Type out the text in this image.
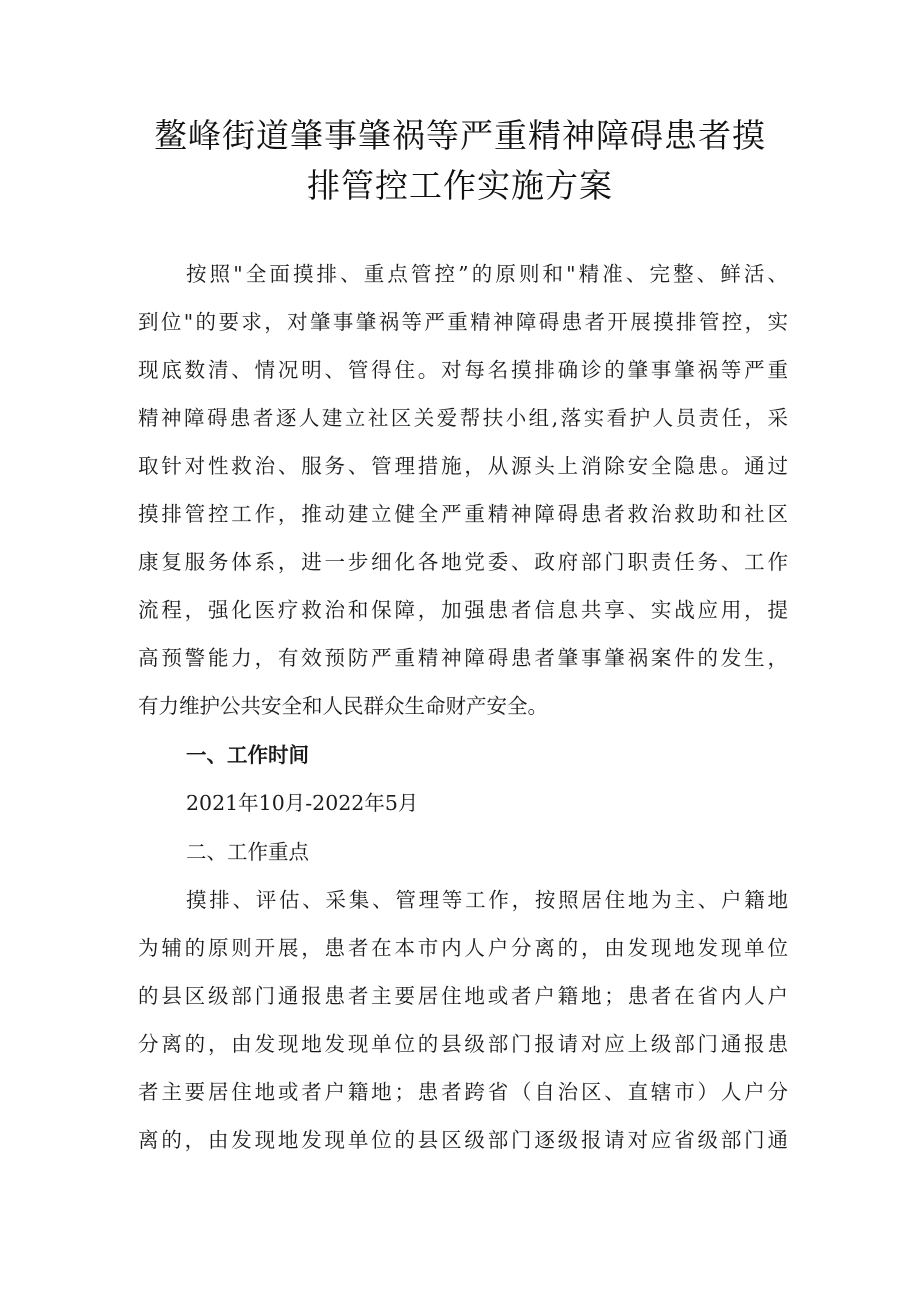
鳌峰街道肇事肇祸等严重精神障碍患者摸
排管控工作实施方案

按照"全面摸排、重点管控”的原则和"精准、完整、鲜活、

到位"的要求，对肇事肇祸等严重精神障碍患者开展摸排管控，实

现底数清、情况明、管得住。对每名摸排确诊的肇事肇祸等严重

精神障碍患者逐人建立社区关爱帮扶小组,落实看护人员责任，采

取针对性救治、服务、管理措施，从源头上消除安全隐患。通过

摸排管控工作，推动建立健全严重精神障碍患者救治救助和社区

康复服务体系，进一步细化各地党委、政府部门职责任务、工作

流程，强化医疗救治和保障，加强患者信息共享、实战应用，提

高预警能力，有效预防严重精神障碍患者肇事肇祸案件的发生，

有力维护公共安全和人民群众生命财产安全。

一、工作时间

2021年10月-2022年5月

二、工作重点

摸排、评估、采集、管理等工作，按照居住地为主、户籍地

为辅的原则开展，患者在本市内人户分离的，由发现地发现单位

的县区级部门通报患者主要居住地或者户籍地；患者在省内人户

分离的，由发现地发现单位的县级部门报请对应上级部门通报患

者主要居住地或者户籍地；患者跨省（自治区、直辖市）人户分

离的，由发现地发现单位的县区级部门逐级报请对应省级部门通
